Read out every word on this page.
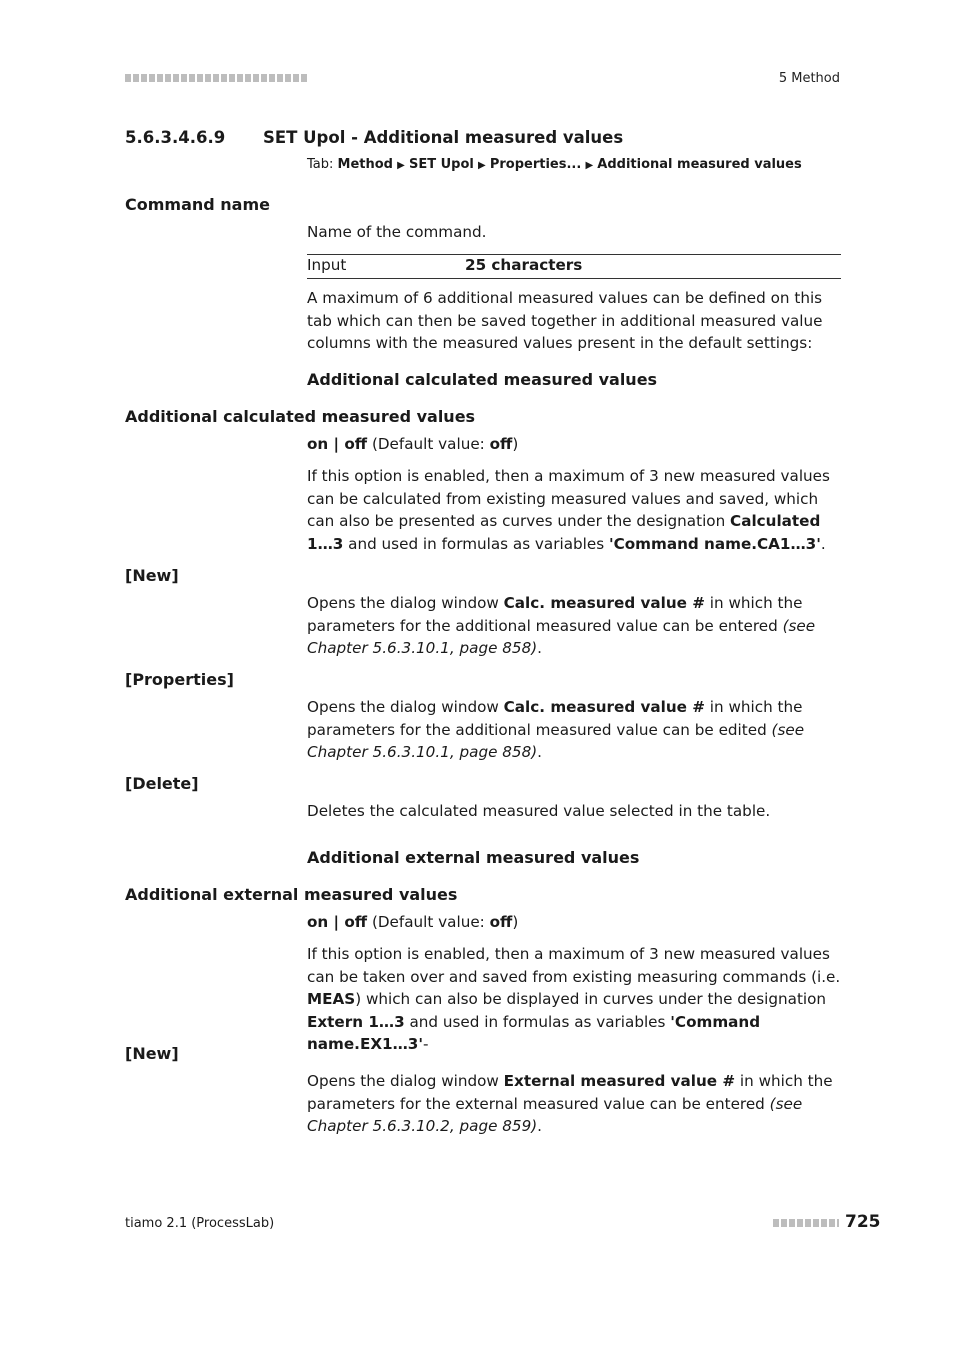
5 Method
5.6.3.4.6.9 SET Upol - Additional measured values
Tab: Method ▶ SET Upol ▶ Properties... ▶ Additional measured values
Command name
Name of the command.
Input	25 characters
A maximum of 6 additional measured values can be defined on this tab which can then be saved together in additional measured value columns with the measured values present in the default settings:
Additional calculated measured values
Additional calculated measured values
on | off (Default value: off)
If this option is enabled, then a maximum of 3 new measured values can be calculated from existing measured values and saved, which can also be presented as curves under the designation Calculated 1…3 and used in formulas as variables 'Command name.CA1…3'.
[New]
Opens the dialog window Calc. measured value # in which the parameters for the additional measured value can be entered (see Chapter 5.6.3.10.1, page 858).
[Properties]
Opens the dialog window Calc. measured value # in which the parameters for the additional measured value can be edited (see Chapter 5.6.3.10.1, page 858).
[Delete]
Deletes the calculated measured value selected in the table.
Additional external measured values
Additional external measured values
on | off (Default value: off)
If this option is enabled, then a maximum of 3 new measured values can be taken over and saved from existing measuring commands (i.e. MEAS) which can also be displayed in curves under the designation Extern 1…3 and used in formulas as variables 'Command name.EX1…3'-
[New]
Opens the dialog window External measured value # in which the parameters for the external measured value can be entered (see Chapter 5.6.3.10.2, page 859).
tiamo 2.1 (ProcessLab)	725
